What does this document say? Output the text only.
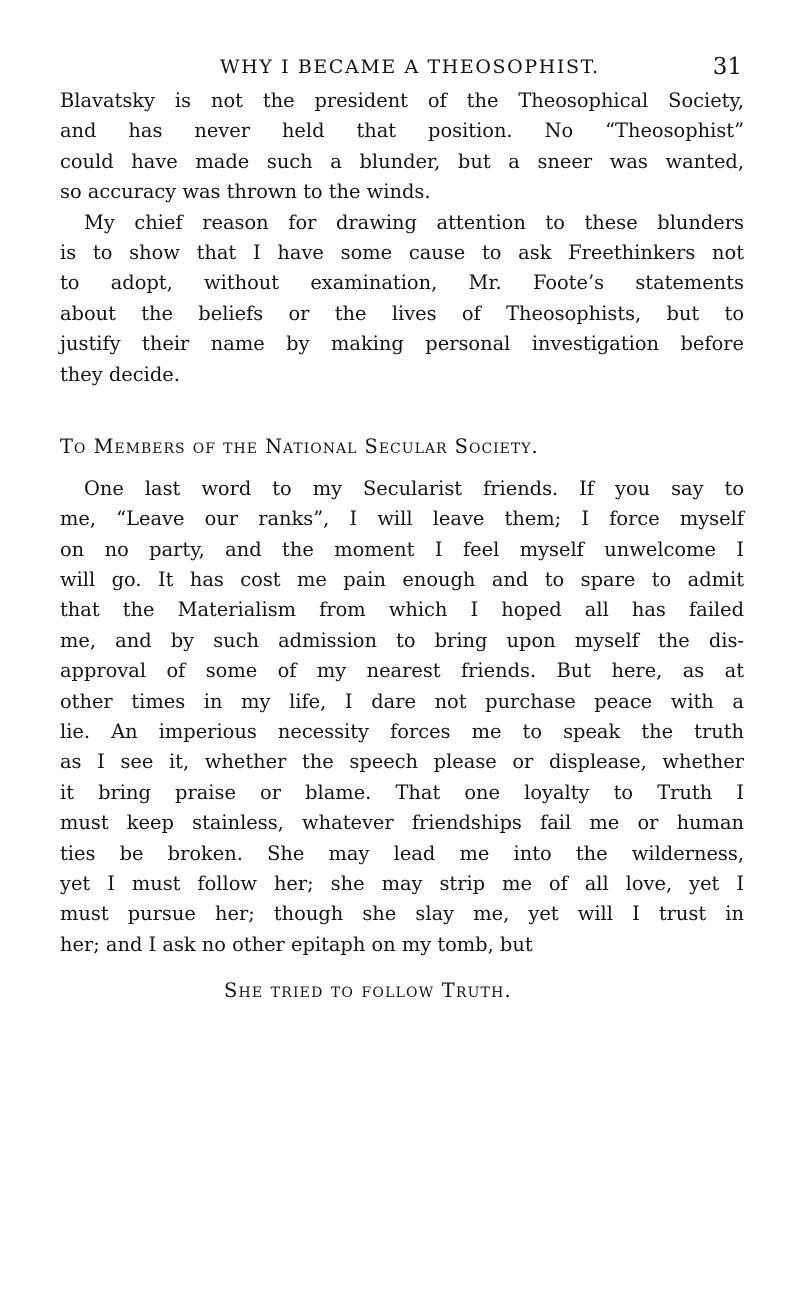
WHY I BECAME A THEOSOPHIST.	31
Blavatsky is not the president of the Theosophical Society,
and has never held that position. No “Theosophist”
could have made such a blunder, but a sneer was wanted,
so accuracy was thrown to the winds.
My chief reason for drawing attention to these blunders
is to show that I have some cause to ask Freethinkers not
to adopt, without examination, Mr. Foote’s statements
about the beliefs or the lives of Theosophists, but to
justify their name by making personal investigation before
they decide.
To Members of the National Secular Society.
One last word to my Secularist friends. If you say to
me, “Leave our ranks”, I will leave them; I force myself
on no party, and the moment I feel myself unwelcome I
will go. It has cost me pain enough and to spare to admit
that the Materialism from which I hoped all has failed
me, and by such admission to bring upon myself the dis-
approval of some of my nearest friends. But here, as at
other times in my life, I dare not purchase peace with a
lie. An imperious necessity forces me to speak the truth
as I see it, whether the speech please or displease, whether
it bring praise or blame. That one loyalty to Truth I
must keep stainless, whatever friendships fail me or human
ties be broken. She may lead me into the wilderness,
yet I must follow her; she may strip me of all love, yet I
must pursue her; though she slay me, yet will I trust in
her; and I ask no other epitaph on my tomb, but
She tried to follow Truth.
